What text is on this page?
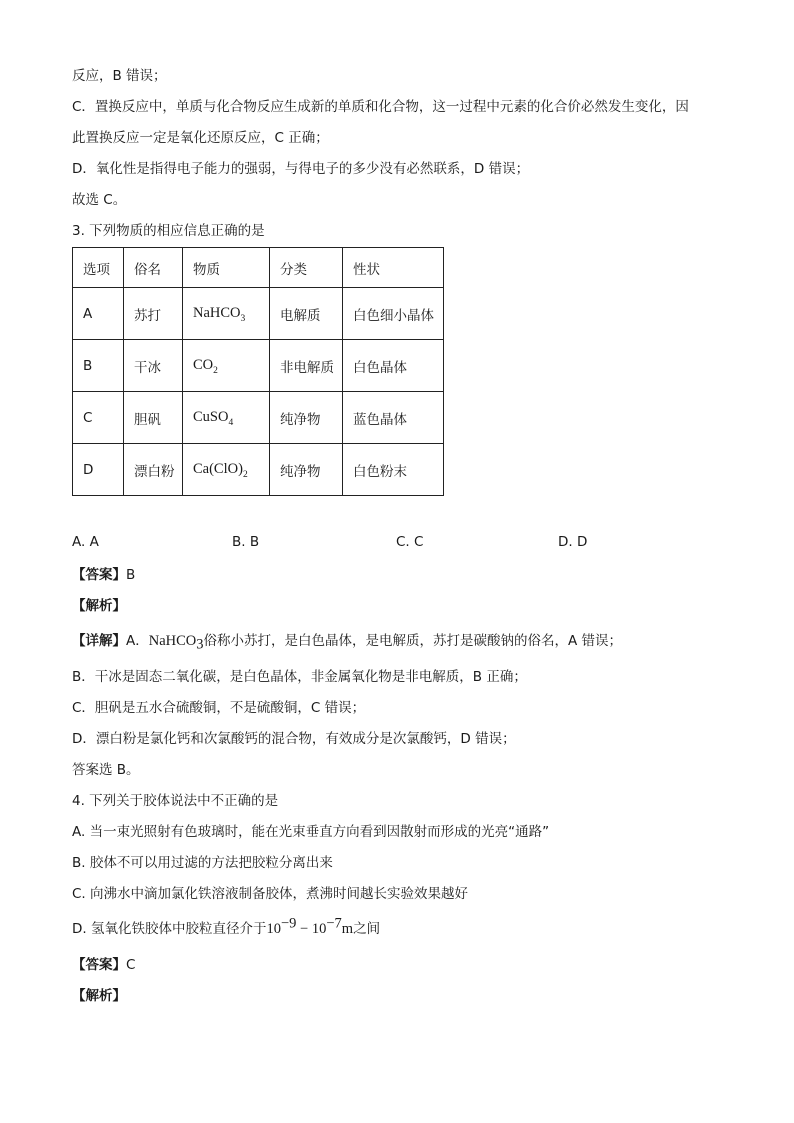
反应，B 错误；

C．置换反应中，单质与化合物反应生成新的单质和化合物，这一过程中元素的化合价必然发生变化，因

此置换反应一定是氧化还原反应，C 正确；

D．氧化性是指得电子能力的强弱，与得电子的多少没有必然联系，D 错误；

故选 C。

3. 下列物质的相应信息正确的是

选项	俗名	物质	分类	性状
A	苏打	NaHCO$_3$	电解质	白色细小晶体
B	干冰	$CO_2$	非电解质	白色晶体
C	胆矾	CuSO$_4$	纯净物	蓝色晶体
D	漂白粉	$Ca(ClO)_2$	纯净物	白色粉末
A. A	B. B	C. C	D. D

【答案】B

【解析】

【详解】A．NaHCO$_3$俗称小苏打，是白色晶体，是电解质，苏打是碳酸钠的俗名，A 错误；

B．干冰是固态二氧化碳，是白色晶体，非金属氧化物是非电解质，B 正确；

C．胆矾是五水合硫酸铜，不是硫酸铜，C 错误；

D．漂白粉是氯化钙和次氯酸钙的混合物，有效成分是次氯酸钙，D 错误；

答案选 B。

4. 下列关于胶体说法中不正确的是

A. 当一束光照射有色玻璃时，能在光束垂直方向看到因散射而形成的光亮“通路”

B. 胶体不可以用过滤的方法把胶粒分离出来

C. 向沸水中滴加氯化铁溶液制备胶体，煮沸时间越长实验效果越好

D. 氢氧化铁胶体中胶粒直径介于$10^{-9} - 10^{-7}m$之间

【答案】C

【解析】
